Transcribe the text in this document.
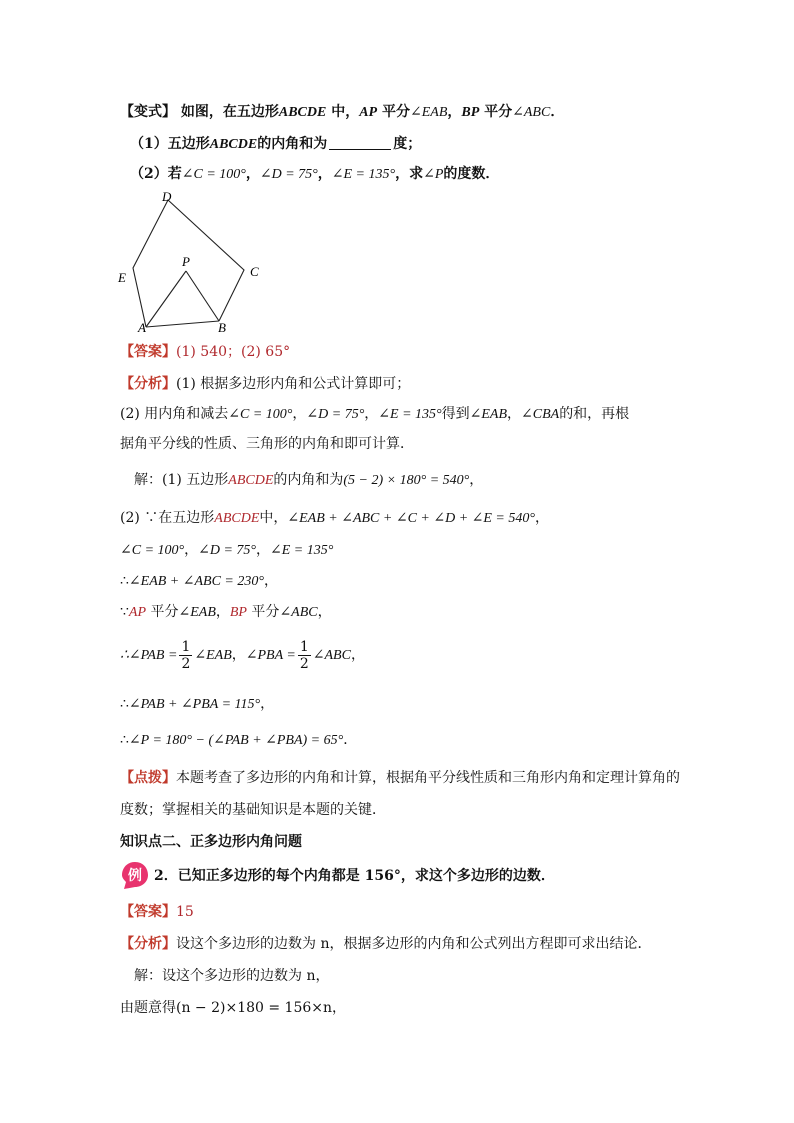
【变式】 如图，在五边形ABCDE 中，AP 平分∠EAB，BP 平分∠ABC．
（1）五边形ABCDE的内角和为	度；
（2）若∠C = 100°，∠D = 75°，∠E = 135°，求∠P的度数．
D
E
P
C
A	B
【答案】(1) 540；(2) 65°
【分析】(1) 根据多边形内角和公式计算即可；
(2) 用内角和减去∠C = 100°，∠D = 75°，∠E = 135°得到∠EAB，∠CBA的和，再根
据角平分线的性质、三角形的内角和即可计算．
　解：(1) 五边形ABCDE的内角和为(5 − 2) × 180° = 540°，
(2) ∵在五边形ABCDE中，∠EAB + ∠ABC + ∠C + ∠D + ∠E = 540°，
∠C = 100°，∠D = 75°，∠E = 135°
∴∠EAB + ∠ABC = 230°，
∵AP 平分∠EAB，BP 平分∠ABC，
∴∠PAB = $\frac{1}{2}$ ∠EAB，∠PBA = $\frac{1}{2}$ ∠ABC，
∴∠PAB + ∠PBA = 115°，
∴∠P = 180° − (∠PAB + ∠PBA) = 65°．
【点拨】本题考查了多边形的内角和计算，根据角平分线性质和三角形内角和定理计算角的
度数；掌握相关的基础知识是本题的关键．
知识点二、正多边形内角问题
例 2．已知正多边形的每个内角都是 156°，求这个多边形的边数．
【答案】15
【分析】设这个多边形的边数为 n，根据多边形的内角和公式列出方程即可求出结论．
　解：设这个多边形的边数为 n，
由题意得(n − 2)×180 = 156×n，
